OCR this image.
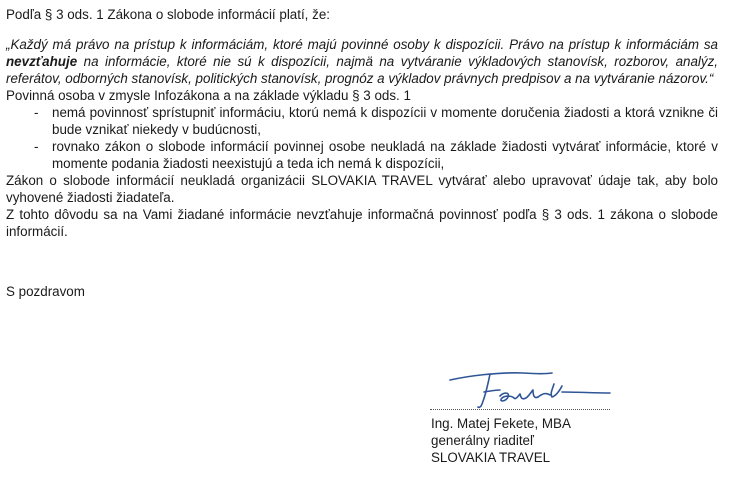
Podľa § 3 ods. 1 Zákona o slobode informácií platí, že:

„Každý má právo na prístup k informáciám, ktoré majú povinné osoby k dispozícii. Právo na prístup k informáciám sa nevzťahuje na informácie, ktoré nie sú k dispozícii, najmä na vytváranie výkladových stanovísk, rozborov, analýz, referátov, odborných stanovísk, politických stanovísk, prognóz a výkladov právnych predpisov a na vytváranie názorov.“

Povinná osoba v zmysle Infozákona a na základe výkladu § 3 ods. 1

- nemá povinnosť sprístupniť informáciu, ktorú nemá k dispozícii v momente doručenia žiadosti a ktorá vznikne či bude vznikať niekedy v budúcnosti,
- rovnako zákon o slobode informácií povinnej osobe neukladá na základe žiadosti vytvárať informácie, ktoré v momente podania žiadosti neexistujú a teda ich nemá k dispozícii,

Zákon o slobode informácií neukladá organizácii SLOVAKIA TRAVEL vytvárať alebo upravovať údaje tak, aby bolo vyhovené žiadosti žiadateľa.

Z tohto dôvodu sa na Vami žiadané informácie nevzťahuje informačná povinnosť podľa § 3 ods. 1 zákona o slobode informácií.

S pozdravom

Ing. Matej Fekete, MBA
generálny riaditeľ
SLOVAKIA TRAVEL
